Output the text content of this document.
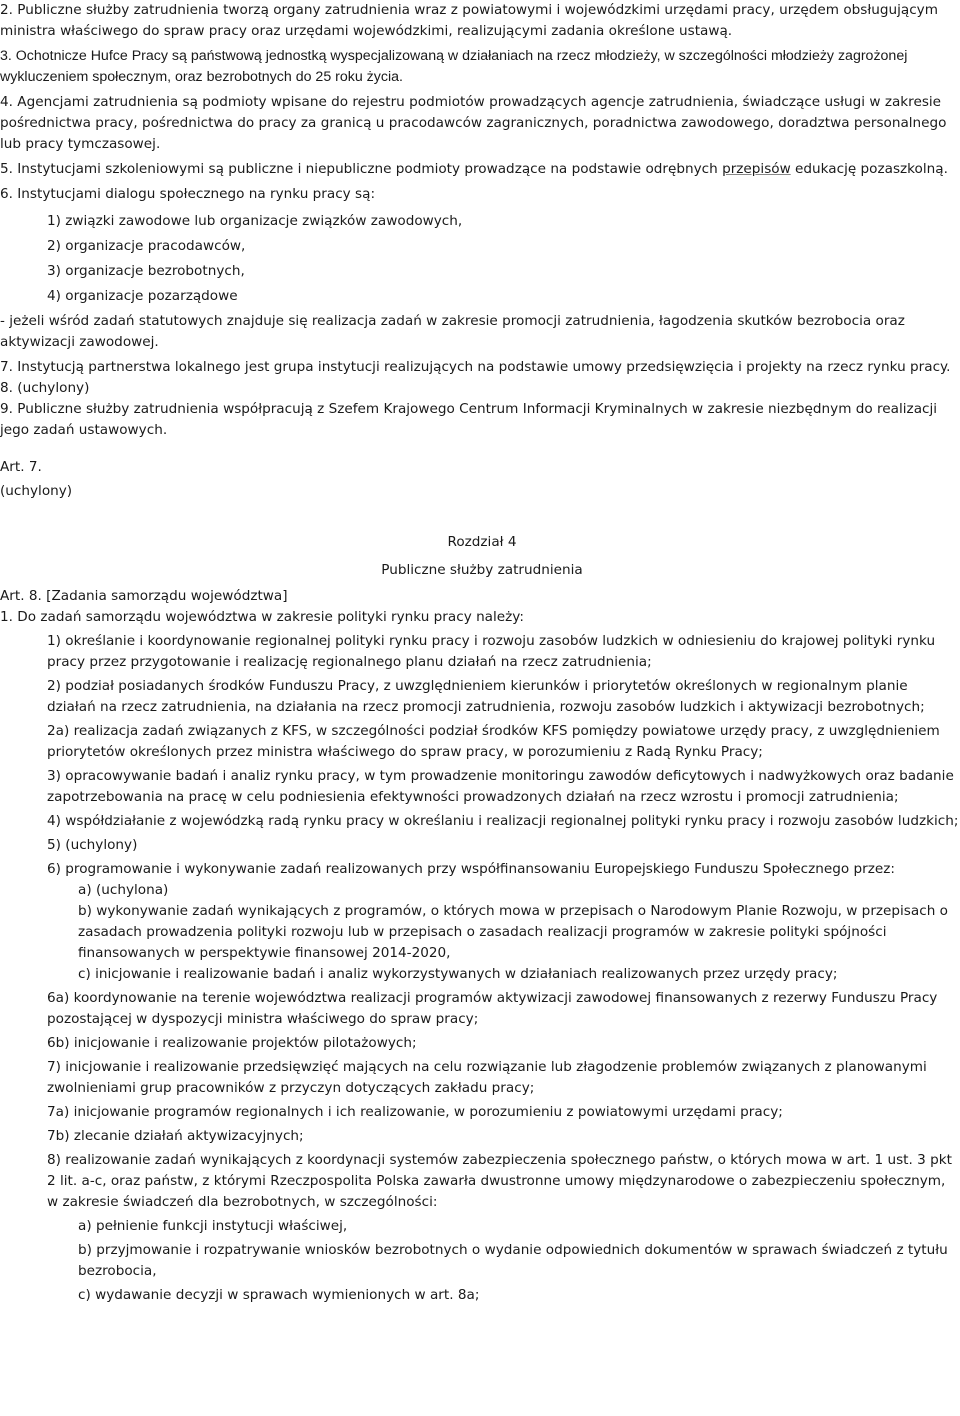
2. Publiczne służby zatrudnienia tworzą organy zatrudnienia wraz z powiatowymi i wojewódzkimi urzędami pracy, urzędem obsługującym ministra właściwego do spraw pracy oraz urzędami wojewódzkimi, realizującymi zadania określone ustawą.

3. Ochotnicze Hufce Pracy są państwową jednostką wyspecjalizowaną w działaniach na rzecz młodzieży, w szczególności młodzieży zagrożonej wykluczeniem społecznym, oraz bezrobotnych do 25 roku życia.

4. Agencjami zatrudnienia są podmioty wpisane do rejestru podmiotów prowadzących agencje zatrudnienia, świadczące usługi w zakresie pośrednictwa pracy, pośrednictwa do pracy za granicą u pracodawców zagranicznych, poradnictwa zawodowego, doradztwa personalnego lub pracy tymczasowej.

5. Instytucjami szkoleniowymi są publiczne i niepubliczne podmioty prowadzące na podstawie odrębnych przepisów edukację pozaszkolną.

6. Instytucjami dialogu społecznego na rynku pracy są:

1) związki zawodowe lub organizacje związków zawodowych,

2) organizacje pracodawców,

3) organizacje bezrobotnych,

4) organizacje pozarządowe

- jeżeli wśród zadań statutowych znajduje się realizacja zadań w zakresie promocji zatrudnienia, łagodzenia skutków bezrobocia oraz aktywizacji zawodowej.

7. Instytucją partnerstwa lokalnego jest grupa instytucji realizujących na podstawie umowy przedsięwzięcia i projekty na rzecz rynku pracy.

8. (uchylony)

9. Publiczne służby zatrudnienia współpracują z Szefem Krajowego Centrum Informacji Kryminalnych w zakresie niezbędnym do realizacji jego zadań ustawowych.

Art. 7.

(uchylony)

Rozdział 4

Publiczne służby zatrudnienia

Art. 8. [Zadania samorządu województwa]

1. Do zadań samorządu województwa w zakresie polityki rynku pracy należy:

1) określanie i koordynowanie regionalnej polityki rynku pracy i rozwoju zasobów ludzkich w odniesieniu do krajowej polityki rynku pracy przez przygotowanie i realizację regionalnego planu działań na rzecz zatrudnienia;

2) podział posiadanych środków Funduszu Pracy, z uwzględnieniem kierunków i priorytetów określonych w regionalnym planie działań na rzecz zatrudnienia, na działania na rzecz promocji zatrudnienia, rozwoju zasobów ludzkich i aktywizacji bezrobotnych;

2a) realizacja zadań związanych z KFS, w szczególności podział środków KFS pomiędzy powiatowe urzędy pracy, z uwzględnieniem priorytetów określonych przez ministra właściwego do spraw pracy, w porozumieniu z Radą Rynku Pracy;

3) opracowywanie badań i analiz rynku pracy, w tym prowadzenie monitoringu zawodów deficytowych i nadwyżkowych oraz badanie zapotrzebowania na pracę w celu podniesienia efektywności prowadzonych działań na rzecz wzrostu i promocji zatrudnienia;

4) współdziałanie z wojewódzką radą rynku pracy w określaniu i realizacji regionalnej polityki rynku pracy i rozwoju zasobów ludzkich;

5) (uchylony)

6) programowanie i wykonywanie zadań realizowanych przy współfinansowaniu Europejskiego Funduszu Społecznego przez:

a) (uchylona)

b) wykonywanie zadań wynikających z programów, o których mowa w przepisach o Narodowym Planie Rozwoju, w przepisach o zasadach prowadzenia polityki rozwoju lub w przepisach o zasadach realizacji programów w zakresie polityki spójności finansowanych w perspektywie finansowej 2014-2020,

c) inicjowanie i realizowanie badań i analiz wykorzystywanych w działaniach realizowanych przez urzędy pracy;

6a) koordynowanie na terenie województwa realizacji programów aktywizacji zawodowej finansowanych z rezerwy Funduszu Pracy pozostającej w dyspozycji ministra właściwego do spraw pracy;

6b) inicjowanie i realizowanie projektów pilotażowych;

7) inicjowanie i realizowanie przedsięwzięć mających na celu rozwiązanie lub złagodzenie problemów związanych z planowanymi zwolnieniami grup pracowników z przyczyn dotyczących zakładu pracy;

7a) inicjowanie programów regionalnych i ich realizowanie, w porozumieniu z powiatowymi urzędami pracy;

7b) zlecanie działań aktywizacyjnych;

8) realizowanie zadań wynikających z koordynacji systemów zabezpieczenia społecznego państw, o których mowa w art. 1 ust. 3 pkt 2 lit. a-c, oraz państw, z którymi Rzeczpospolita Polska zawarła dwustronne umowy międzynarodowe o zabezpieczeniu społecznym, w zakresie świadczeń dla bezrobotnych, w szczególności:

a) pełnienie funkcji instytucji właściwej,

b) przyjmowanie i rozpatrywanie wniosków bezrobotnych o wydanie odpowiednich dokumentów w sprawach świadczeń z tytułu bezrobocia,

c) wydawanie decyzji w sprawach wymienionych w art. 8a;
